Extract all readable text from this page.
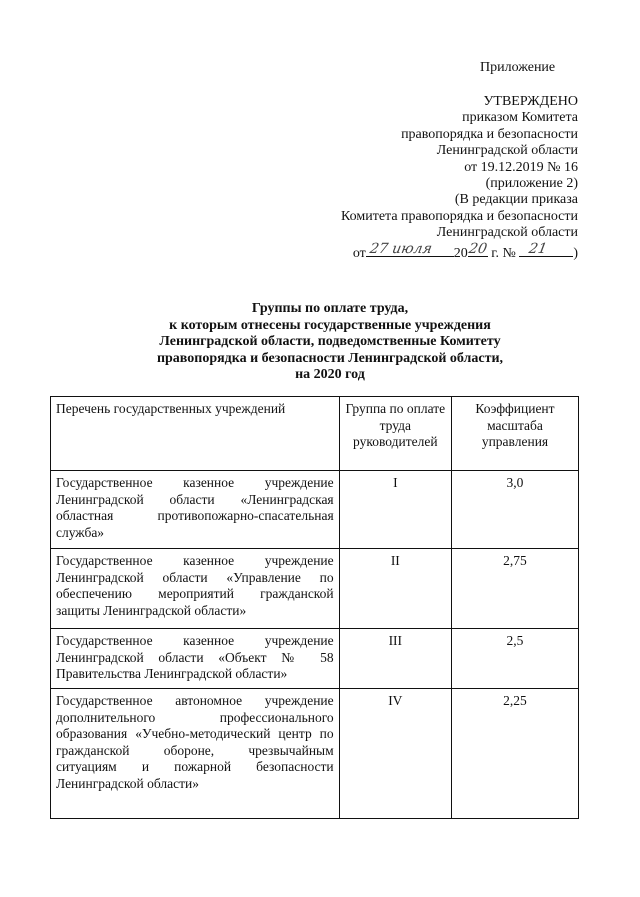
Приложение
УТВЕРЖДЕНО
приказом Комитета
правопорядка и безопасности
Ленинградской области
от 19.12.2019 № 16
(приложение 2)
(В редакции приказа
Комитета правопорядка и безопасности
Ленинградской области
от 27 июля 20 20 г. № 21 )
Группы по оплате труда,
к которым отнесены государственные учреждения
Ленинградской области, подведомственные Комитету
правопорядка и безопасности Ленинградской области,
на 2020 год
Перечень государственных учреждений	Группа по оплате труда руководителей	Коэффициент масштаба управления
Государственное казенное учреждение Ленинградской области «Ленинградская областная противопожарно-спасательная служба»	I	3,0
Государственное казенное учреждение Ленинградской области «Управление по обеспечению мероприятий гражданской защиты Ленинградской области»	II	2,75
Государственное казенное учреждение Ленинградской области «Объект № 58 Правительства Ленинградской области»	III	2,5
Государственное автономное учреждение дополнительного профессионального образования «Учебно-методический центр по гражданской обороне, чрезвычайным ситуациям и пожарной безопасности Ленинградской области»	IV	2,25
